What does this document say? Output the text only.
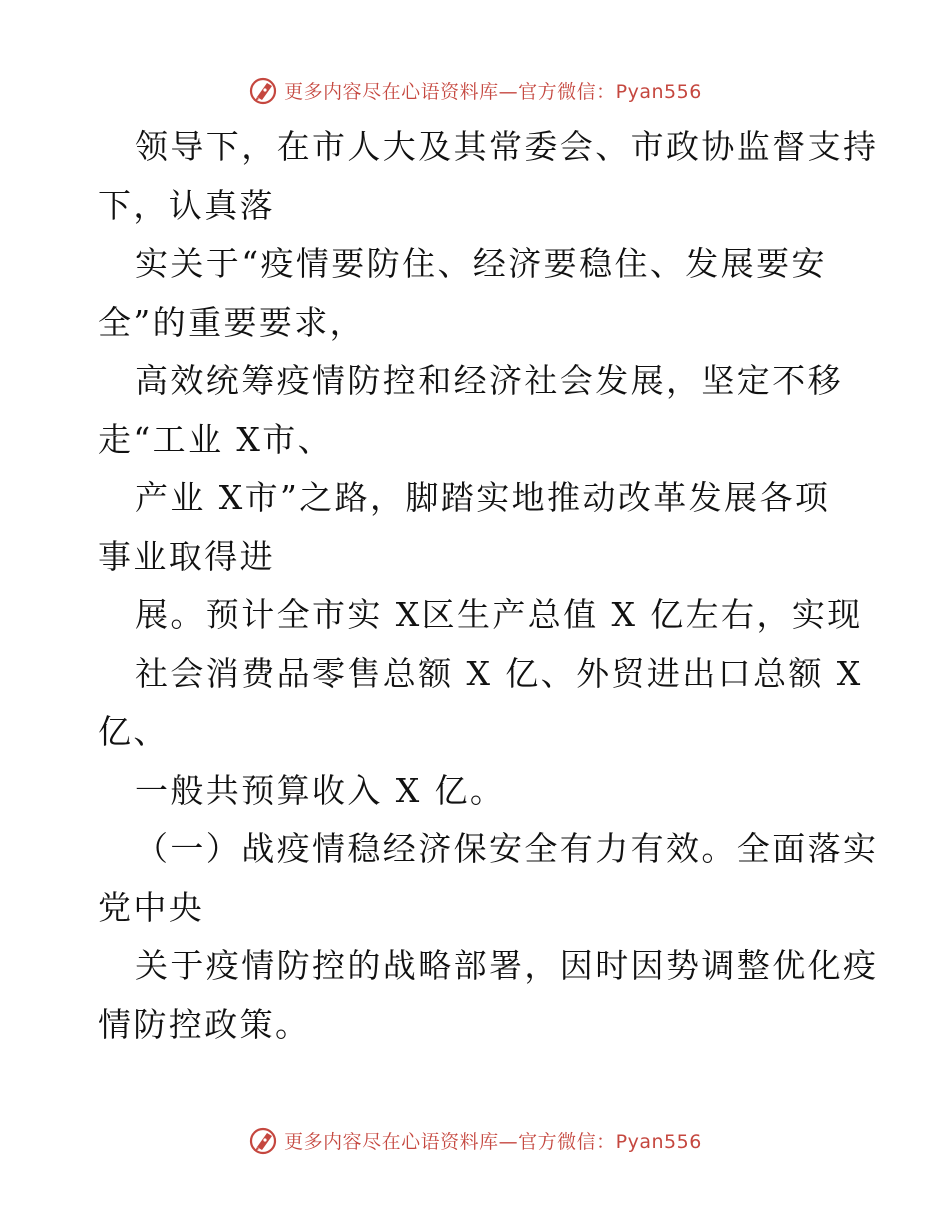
更多内容尽在心语资料库—官方微信：Pyan556
领导下，在市人大及其常委会、市政协监督支持
下，认真落
实关于“疫情要防住、经济要稳住、发展要安
全”的重要要求，
高效统筹疫情防控和经济社会发展，坚定不移
走“工业 X市、
产业 X市”之路，脚踏实地推动改革发展各项
事业取得进
展。预计全市实 X区生产总值 X 亿左右，实现
社会消费品零售总额 X 亿、外贸进出口总额 X
亿、
一般共预算收入 X 亿。
（一）战疫情稳经济保安全有力有效。全面落实
党中央
关于疫情防控的战略部署，因时因势调整优化疫
情防控政策。
更多内容尽在心语资料库—官方微信：Pyan556
